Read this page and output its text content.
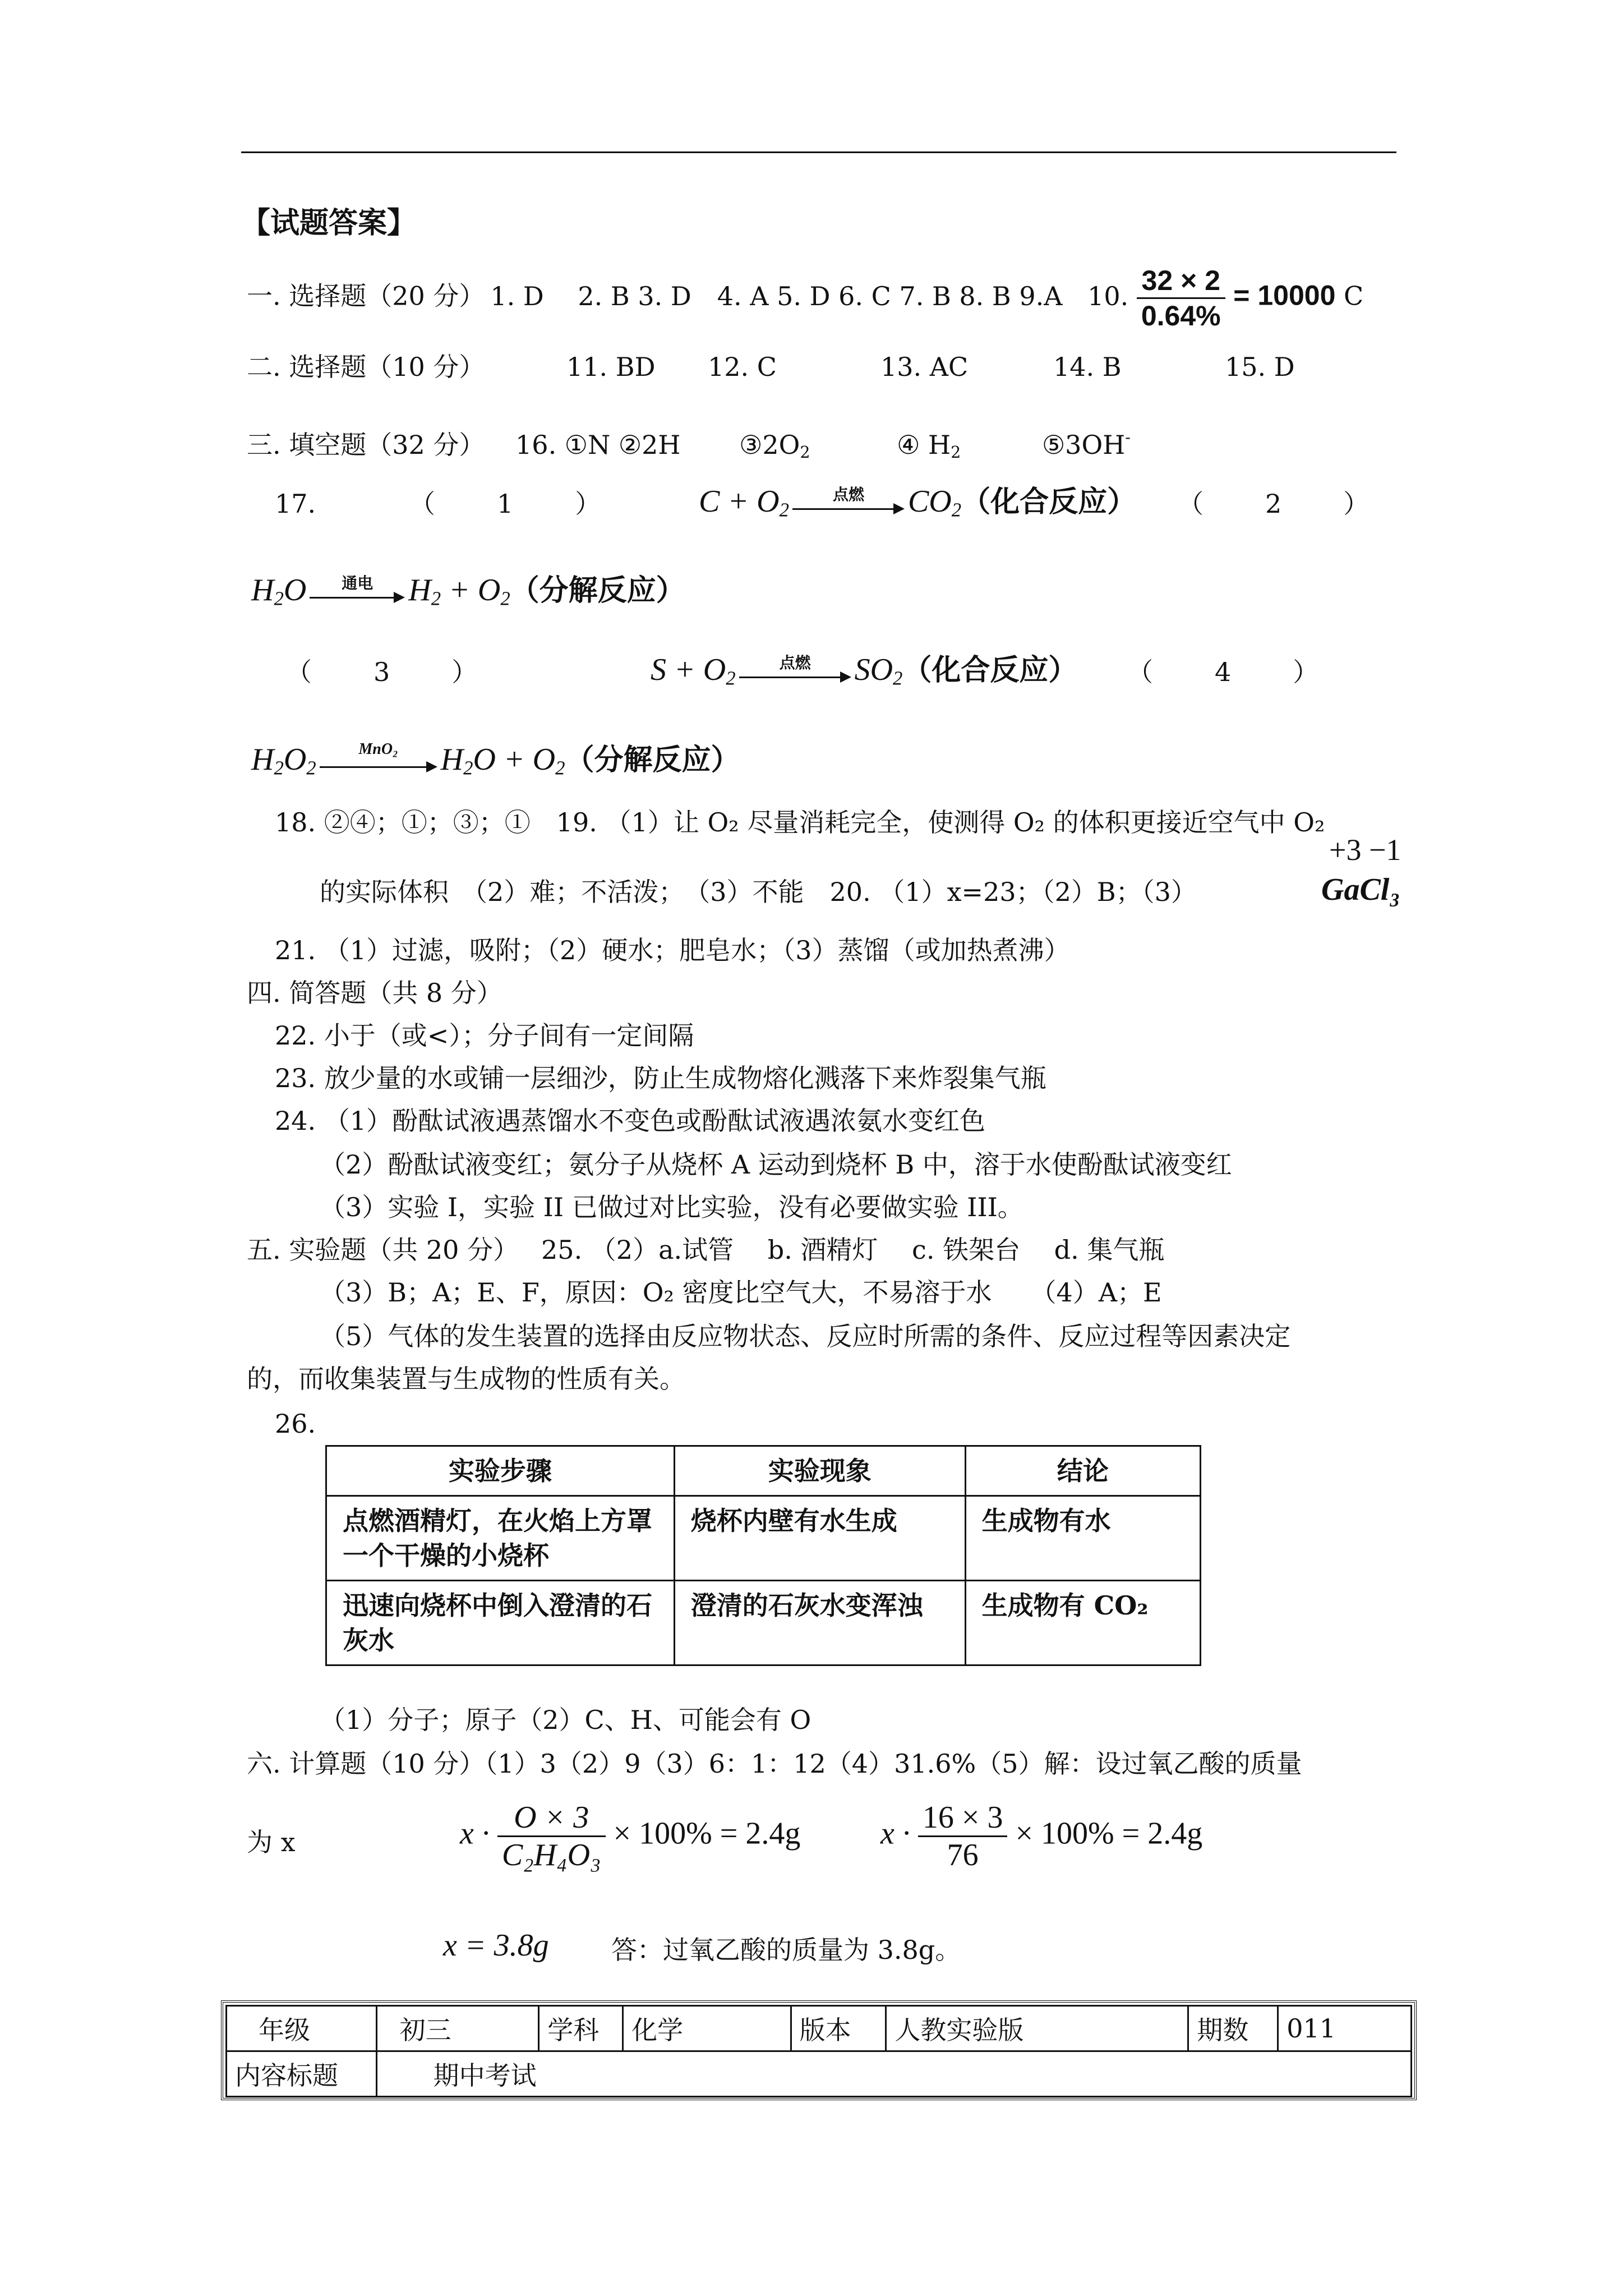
【试题答案】
一. 选择题（20 分） 1. D　 2. B 3. D　4. A 5. D 6. C 7. B 8. B 9.A 10. $\frac{32 \times 2}{0.64\%} = 10000$ C
二. 选择题（10 分）	11. BD 12. C	13. AC	14. B	15. D
三. 填空题（32 分） 16. ①N ②2H $③2O_2$	④ $H_2$	⑤3OH-
17.	（　　1　　）	$C + O_2$
点燃	$CO_2$（化合反应） （　　2　　）
$H_2O$	通电	$H_2 + O_2$（分解反应）
（　　3　　）	$S + O_2$
点燃	$SO_2$（化合反应） （　　4　　）
$H_2O_2$
MnO₂	$H_2O + O_2$（分解反应）
18. ②④；①；③；①　19. （1）让 O₂ 尽量消耗完全，使测得 O₂ 的体积更接近空气中 O₂
的实际体积　（2）难；不活泼；　（3）不能　20. （1）x=23；（2）B；（3）
+3 −1
GaCl₃
21. （1）过滤，吸附；（2）硬水；肥皂水；（3）蒸馏（或加热煮沸）
四. 简答题（共 8 分）
22. 小于（或<）；分子间有一定间隔
23. 放少量的水或铺一层细沙，防止生成物熔化溅落下来炸裂集气瓶
24. （1）酚酞试液遇蒸馏水不变色或酚酞试液遇浓氨水变红色
（2）酚酞试液变红；氨分子从烧杯 A 运动到烧杯 B 中，溶于水使酚酞试液变红
（3）实验 I，实验 II 已做过对比实验，没有必要做实验 III。
五. 实验题（共 20 分） 25. （2）a.试管　 b. 酒精灯　 c. 铁架台　 d. 集气瓶
（3）B；A；E、F，原因：O₂ 密度比空气大，不易溶于水　　（4）A；E
（5）气体的发生装置的选择由反应物状态、反应时所需的条件、反应过程等因素决定
的，而收集装置与生成物的性质有关。
26.
实验步骤	实验现象	结论
点燃酒精灯，在火焰上方罩一个干燥的小烧杯	烧杯内壁有水生成	生成物有水
迅速向烧杯中倒入澄清的石灰水	澄清的石灰水变浑浊	生成物有 CO₂
（1）分子；原子（2）C、H、可能会有 O
六. 计算题（10 分）（1）3（2）9（3）6：1：12（4）31.6%（5）解：设过氧乙酸的质量
为 x	$x \cdot \frac{O \times 3}{\text{C₂H₄O₃}} \times 100\% = 2.4g$	$x \cdot \frac{16 \times 3}{76} \times 100\% = 2.4g$
x = 3.8g 答：过氧乙酸的质量为 3.8g。
年级	初三	学科	化学	版本	人教实验版	期数	011
内容标题	期中考试						
